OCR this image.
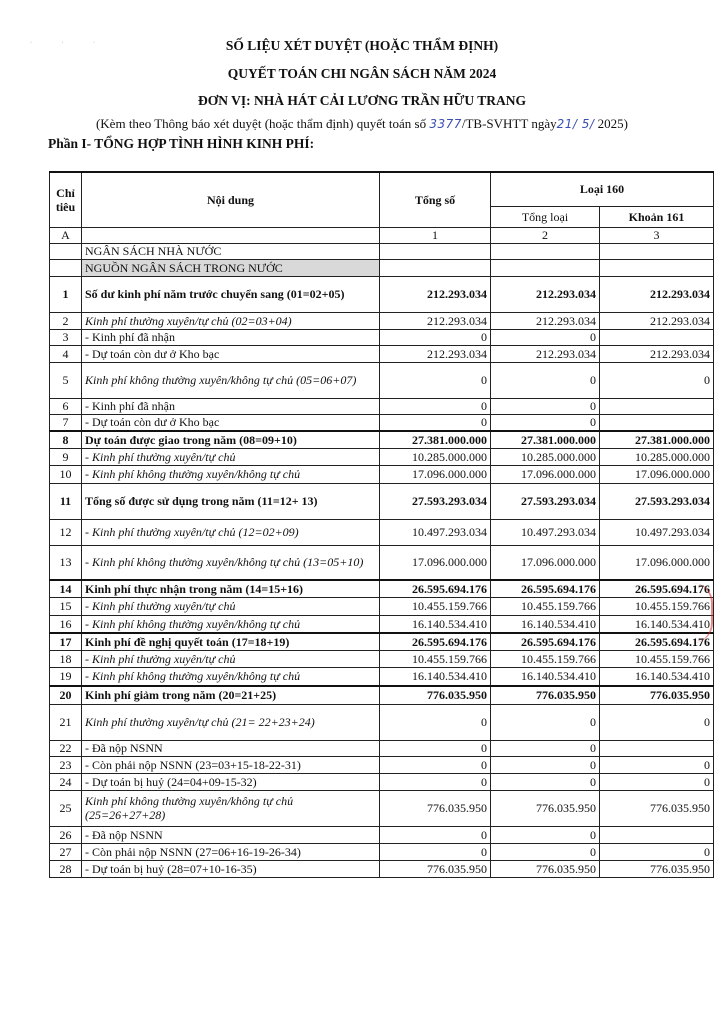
· · ·	SỐ LIỆU XÉT DUYỆT (HOẶC THẨM ĐỊNH)
QUYẾT TOÁN CHI NGÂN SÁCH NĂM 2024
ĐƠN VỊ: NHÀ HÁT CẢI LƯƠNG TRẦN HỮU TRANG
(Kèm theo Thông báo xét duyệt (hoặc thẩm định) quyết toán số 3377/TB-SVHTT ngày21/ 5/ 2025)
Phần I- TỔNG HỢP TÌNH HÌNH KINH PHÍ:
Chỉ tiêu	Nội dung	Tổng số	Loại 160	
			Tổng loại	Khoản 161
A		1	2	3
	NGÂN SÁCH NHÀ NƯỚC			
	NGUỒN NGÂN SÁCH TRONG NƯỚC			
1	Số dư kinh phí năm trước chuyển sang (01=02+05)	212.293.034	212.293.034	212.293.034
2	Kinh phí thường xuyên/tự chủ (02=03+04)	212.293.034	212.293.034	212.293.034
3	- Kinh phí đã nhận	0	0	
4	- Dự toán còn dư ở Kho bạc	212.293.034	212.293.034	212.293.034
5	Kinh phí không thường xuyên/không tự chủ (05=06+07)	0	0	0
6	- Kinh phí đã nhận	0	0	
7	- Dự toán còn dư ở Kho bạc	0	0	
8	Dự toán được giao trong năm (08=09+10)	27.381.000.000	27.381.000.000	27.381.000.000
9	- Kinh phí thường xuyên/tự chủ	10.285.000.000	10.285.000.000	10.285.000.000
10	- Kinh phí không thường xuyên/không tự chủ	17.096.000.000	17.096.000.000	17.096.000.000
11	Tổng số được sử dụng trong năm (11=12+ 13)	27.593.293.034	27.593.293.034	27.593.293.034
12	- Kinh phí thường xuyên/tự chủ (12=02+09)	10.497.293.034	10.497.293.034	10.497.293.034
13	- Kinh phí không thường xuyên/không tự chủ (13=05+10)	17.096.000.000	17.096.000.000	17.096.000.000
14	Kinh phí thực nhận trong năm (14=15+16)	26.595.694.176	26.595.694.176	26.595.694.176
15	- Kinh phí thường xuyên/tự chủ	10.455.159.766	10.455.159.766	10.455.159.766
16	- Kinh phí không thường xuyên/không tự chủ	16.140.534.410	16.140.534.410	16.140.534.410
17	Kinh phí đề nghị quyết toán (17=18+19)	26.595.694.176	26.595.694.176	26.595.694.176
18	- Kinh phí thường xuyên/tự chủ	10.455.159.766	10.455.159.766	10.455.159.766
19	- Kinh phí không thường xuyên/không tự chủ	16.140.534.410	16.140.534.410	16.140.534.410
20	Kinh phí giảm trong năm (20=21+25)	776.035.950	776.035.950	776.035.950
21	Kinh phí thường xuyên/tự chủ (21= 22+23+24)	0	0	0
22	- Đã nộp NSNN	0	0	
23	- Còn phải nộp NSNN (23=03+15-18-22-31)	0	0	0
24	- Dự toán bị huỷ (24=04+09-15-32)	0	0	0
25	Kinh phí không thường xuyên/không tự chủ (25=26+27+28)	776.035.950	776.035.950	776.035.950
26	- Đã nộp NSNN	0	0	
27	- Còn phải nộp NSNN (27=06+16-19-26-34)	0	0	0
28	- Dự toán bị huỷ (28=07+10-16-35)	776.035.950	776.035.950	776.035.950
